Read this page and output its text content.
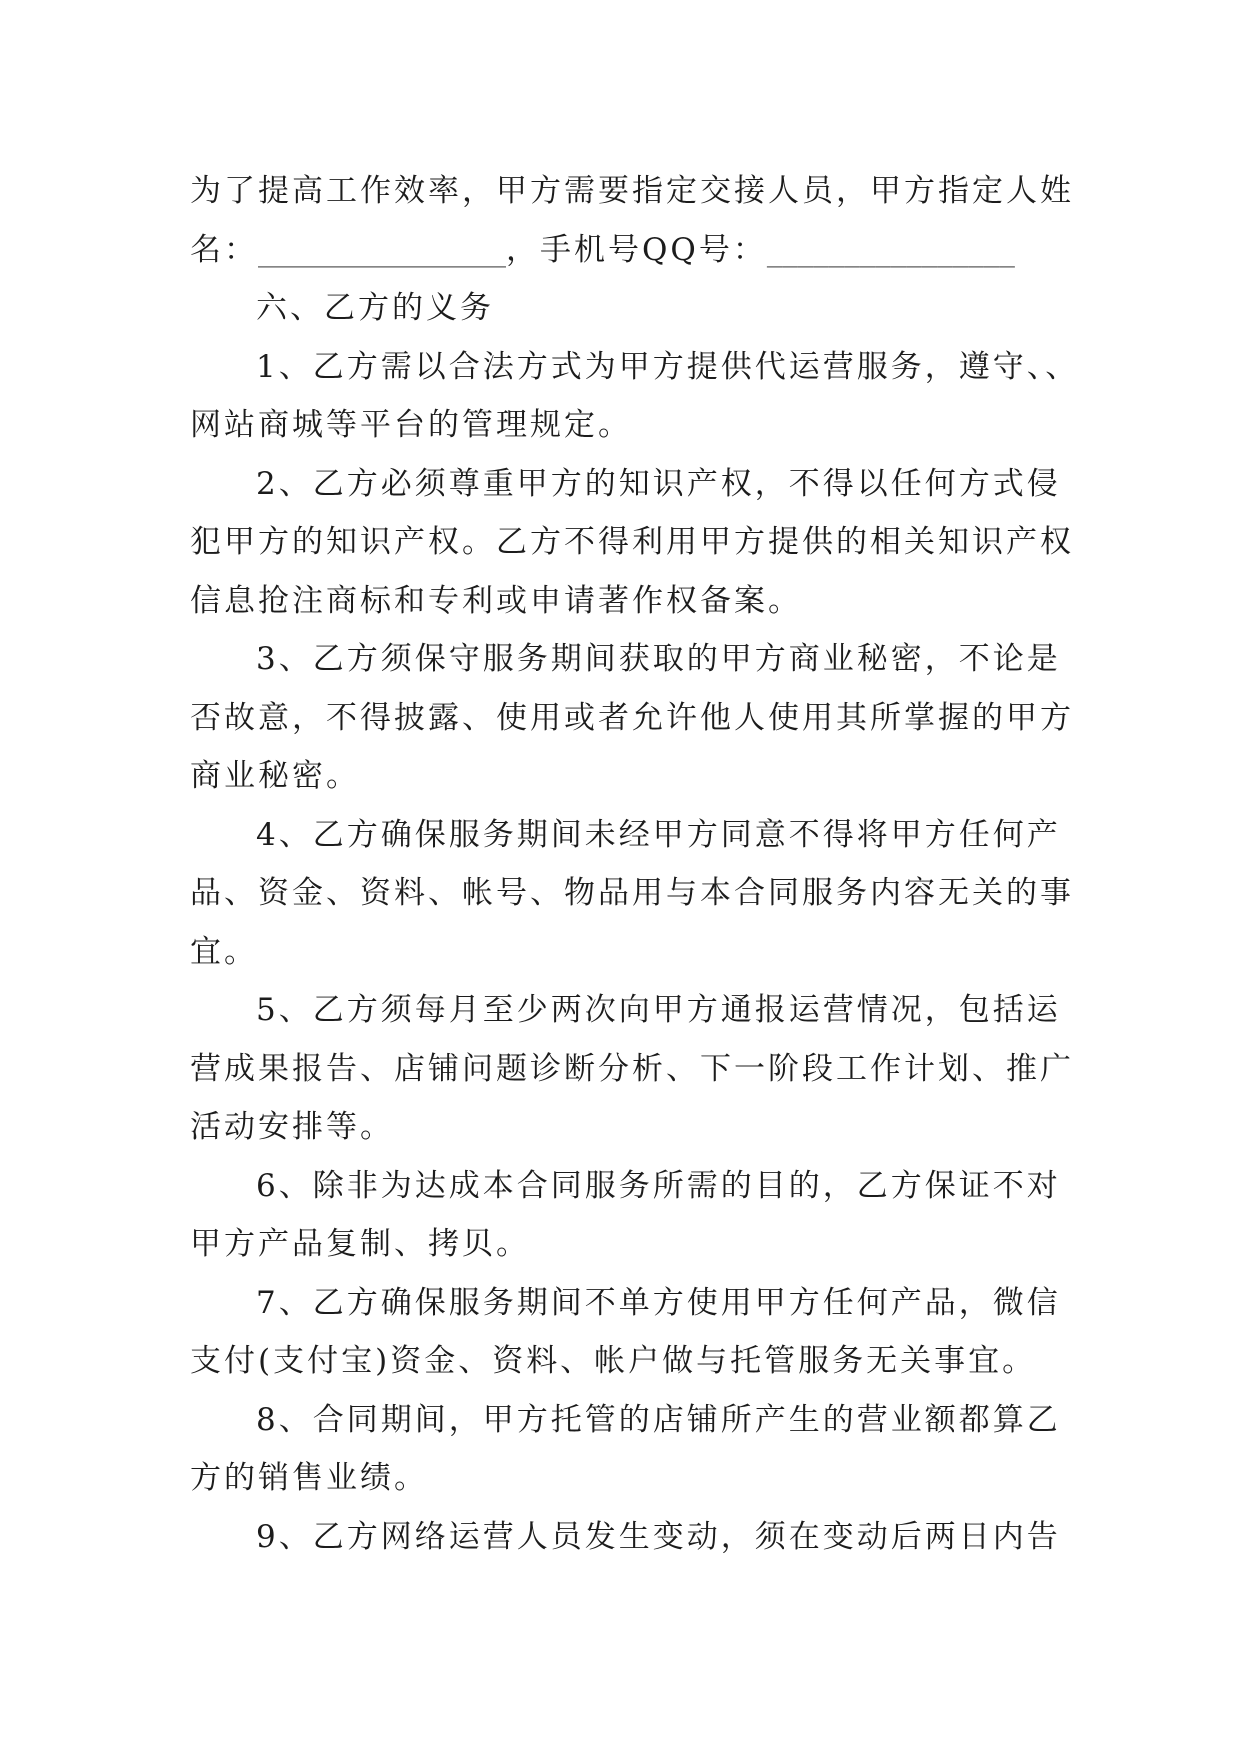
为了提高工作效率，甲方需要指定交接人员，甲方指定人姓
名：________________，手机号QQ号：________________
六、乙方的义务
1、乙方需以合法方式为甲方提供代运营服务，遵守、、
网站商城等平台的管理规定。
2、乙方必须尊重甲方的知识产权，不得以任何方式侵
犯甲方的知识产权。乙方不得利用甲方提供的相关知识产权
信息抢注商标和专利或申请著作权备案。
3、乙方须保守服务期间获取的甲方商业秘密，不论是
否故意，不得披露、使用或者允许他人使用其所掌握的甲方
商业秘密。
4、乙方确保服务期间未经甲方同意不得将甲方任何产
品、资金、资料、帐号、物品用与本合同服务内容无关的事
宜。
5、乙方须每月至少两次向甲方通报运营情况，包括运
营成果报告、店铺问题诊断分析、下一阶段工作计划、推广
活动安排等。
6、除非为达成本合同服务所需的目的，乙方保证不对
甲方产品复制、拷贝。
7、乙方确保服务期间不单方使用甲方任何产品，微信
支付(支付宝)资金、资料、帐户做与托管服务无关事宜。
8、合同期间，甲方托管的店铺所产生的营业额都算乙
方的销售业绩。
9、乙方网络运营人员发生变动，须在变动后两日内告
